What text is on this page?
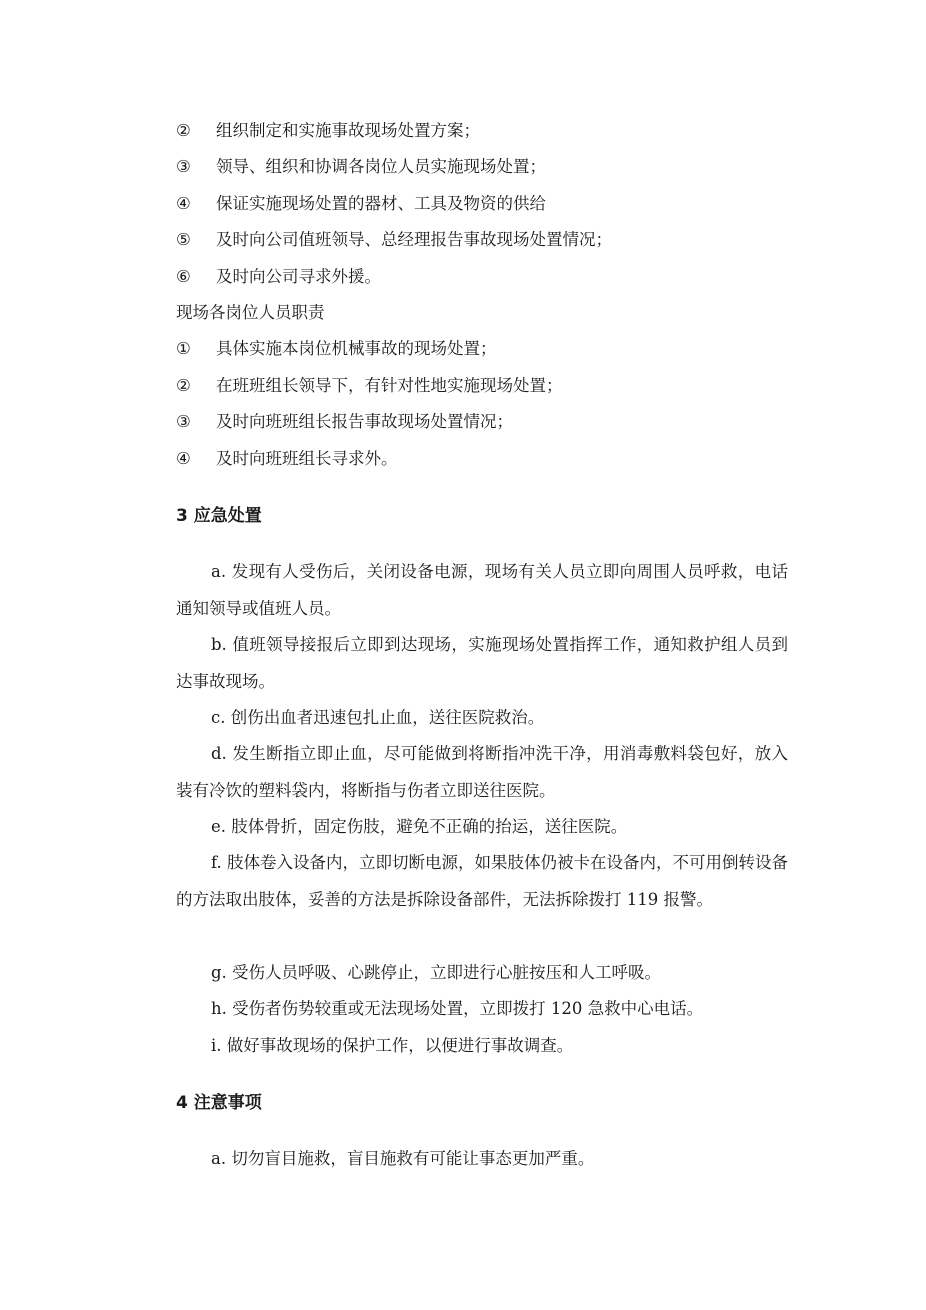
② 组织制定和实施事故现场处置方案；
③ 领导、组织和协调各岗位人员实施现场处置；
④ 保证实施现场处置的器材、工具及物资的供给
⑤ 及时向公司值班领导、总经理报告事故现场处置情况；
⑥ 及时向公司寻求外援。
现场各岗位人员职责
① 具体实施本岗位机械事故的现场处置；
② 在班班组长领导下，有针对性地实施现场处置；
③ 及时向班班组长报告事故现场处置情况；
④ 及时向班班组长寻求外。
3 应急处置

a. 发现有人受伤后，关闭设备电源，现场有关人员立即向周围人员呼救，电话通知领导或值班人员。

b. 值班领导接报后立即到达现场，实施现场处置指挥工作，通知救护组人员到达事故现场。

c. 创伤出血者迅速包扎止血，送往医院救治。

d. 发生断指立即止血，尽可能做到将断指冲洗干净，用消毒敷料袋包好，放入装有冷饮的塑料袋内，将断指与伤者立即送往医院。

e. 肢体骨折，固定伤肢，避免不正确的抬运，送往医院。

f. 肢体卷入设备内，立即切断电源，如果肢体仍被卡在设备内，不可用倒转设备的方法取出肢体，妥善的方法是拆除设备部件，无法拆除拨打 119 报警。

g. 受伤人员呼吸、心跳停止，立即进行心脏按压和人工呼吸。

h. 受伤者伤势较重或无法现场处置，立即拨打 120 急救中心电话。

i. 做好事故现场的保护工作，以便进行事故调查。

4 注意事项

a. 切勿盲目施救，盲目施救有可能让事态更加严重。
